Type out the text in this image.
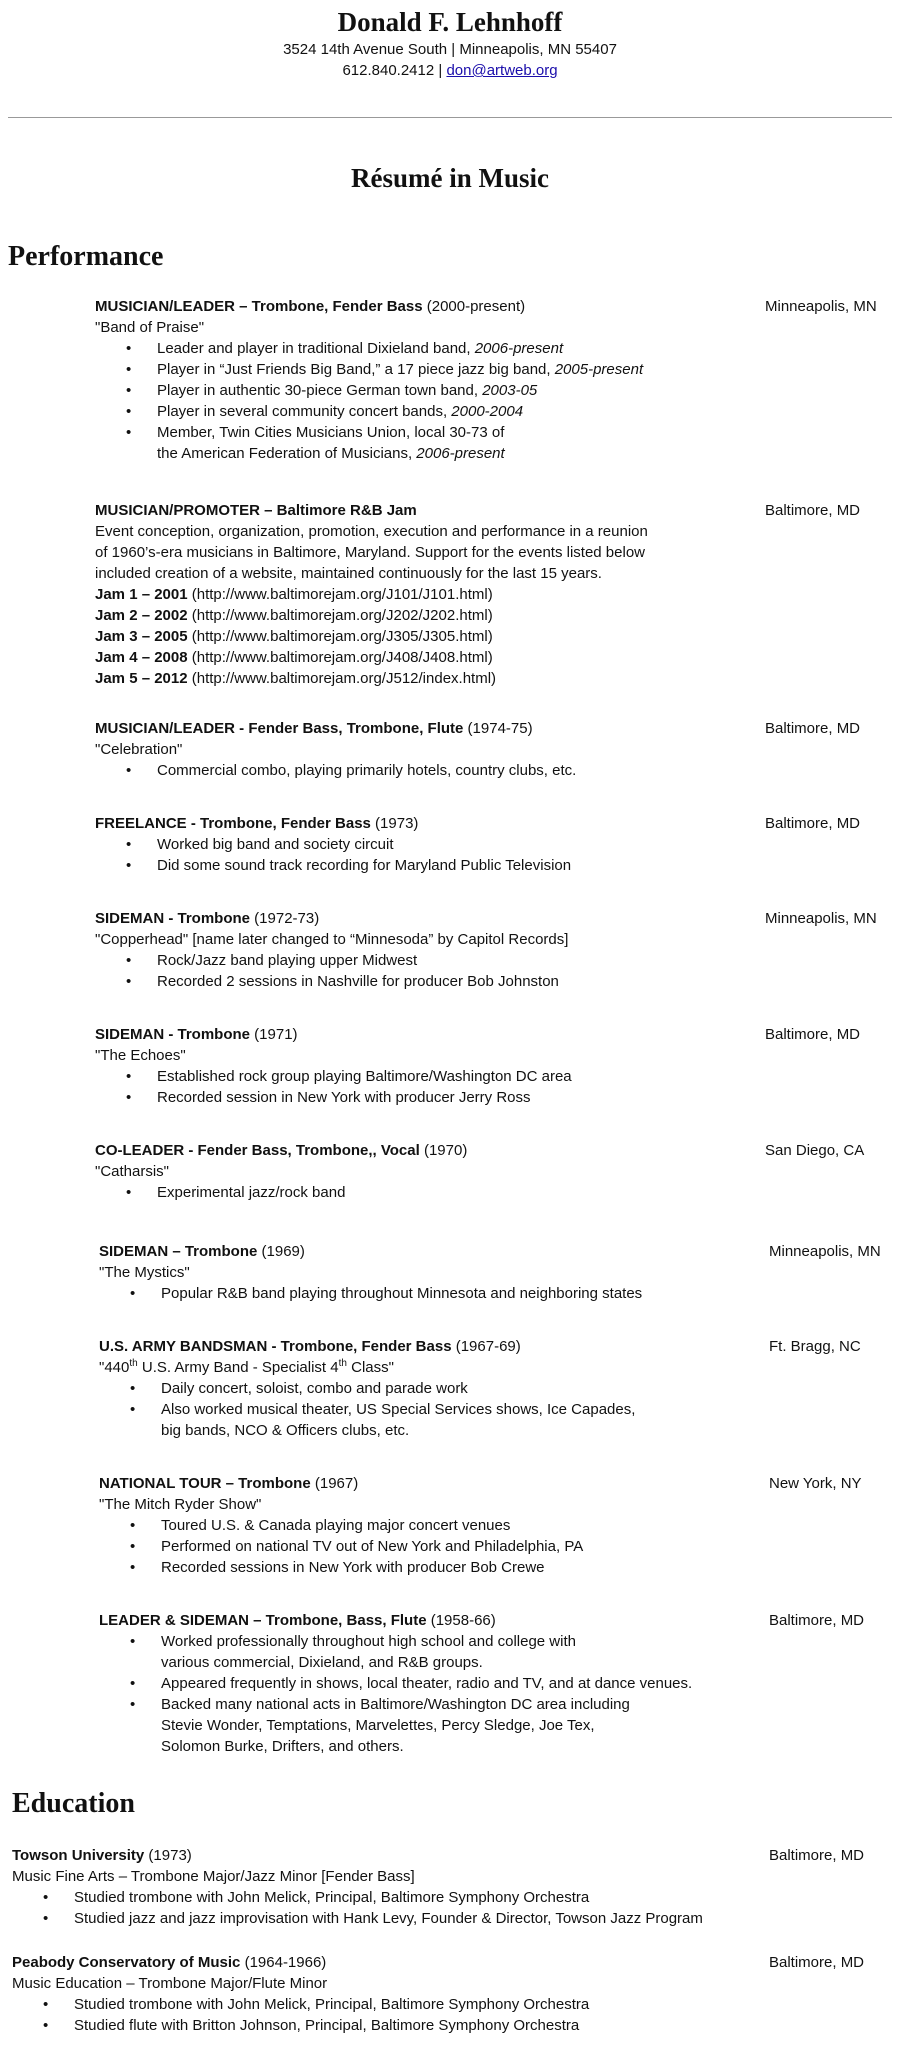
Donald F. Lehnhoff
3524 14th Avenue South | Minneapolis, MN 55407
612.840.2412 | don@artweb.org
Résumé in Music
Performance
MUSICIAN/LEADER – Trombone, Fender Bass (2000-present)	Minneapolis, MN
"Band of Praise"
• Leader and player in traditional Dixieland band, 2006-present
• Player in “Just Friends Big Band,” a 17 piece jazz big band, 2005-present
• Player in authentic 30-piece German town band, 2003-05
• Player in several community concert bands, 2000-2004
• Member, Twin Cities Musicians Union, local 30-73 of
the American Federation of Musicians, 2006-present
MUSICIAN/PROMOTER – Baltimore R&B Jam	Baltimore, MD
Event conception, organization, promotion, execution and performance in a reunion
of 1960’s-era musicians in Baltimore, Maryland. Support for the events listed below
included creation of a website, maintained continuously for the last 15 years.
Jam 1 – 2001 (http://www.baltimorejam.org/J101/J101.html)
Jam 2 – 2002 (http://www.baltimorejam.org/J202/J202.html)
Jam 3 – 2005 (http://www.baltimorejam.org/J305/J305.html)
Jam 4 – 2008 (http://www.baltimorejam.org/J408/J408.html)
Jam 5 – 2012 (http://www.baltimorejam.org/J512/index.html)
MUSICIAN/LEADER - Fender Bass, Trombone, Flute (1974-75)	Baltimore, MD
"Celebration"
• Commercial combo, playing primarily hotels, country clubs, etc.
FREELANCE - Trombone, Fender Bass (1973)	Baltimore, MD
• Worked big band and society circuit
• Did some sound track recording for Maryland Public Television
SIDEMAN - Trombone (1972-73)	Minneapolis, MN
"Copperhead" [name later changed to “Minnesoda” by Capitol Records]
• Rock/Jazz band playing upper Midwest
• Recorded 2 sessions in Nashville for producer Bob Johnston
SIDEMAN - Trombone (1971)	Baltimore, MD
"The Echoes"
• Established rock group playing Baltimore/Washington DC area
• Recorded session in New York with producer Jerry Ross
CO-LEADER - Fender Bass, Trombone,, Vocal (1970)	San Diego, CA
"Catharsis"
• Experimental jazz/rock band
SIDEMAN – Trombone (1969)	Minneapolis, MN
"The Mystics"
• Popular R&B band playing throughout Minnesota and neighboring states
U.S. ARMY BANDSMAN - Trombone, Fender Bass (1967-69)	Ft. Bragg, NC
"440th U.S. Army Band - Specialist 4th Class"
• Daily concert, soloist, combo and parade work
• Also worked musical theater, US Special Services shows, Ice Capades,
big bands, NCO & Officers clubs, etc.
NATIONAL TOUR – Trombone (1967)	New York, NY
"The Mitch Ryder Show"
• Toured U.S. & Canada playing major concert venues
• Performed on national TV out of New York and Philadelphia, PA
• Recorded sessions in New York with producer Bob Crewe
LEADER & SIDEMAN – Trombone, Bass, Flute (1958-66)	Baltimore, MD
• Worked professionally throughout high school and college with
various commercial, Dixieland, and R&B groups.
• Appeared frequently in shows, local theater, radio and TV, and at dance venues.
• Backed many national acts in Baltimore/Washington DC area including
Stevie Wonder, Temptations, Marvelettes, Percy Sledge, Joe Tex,
Solomon Burke, Drifters, and others.
Education
Towson University (1973)	Baltimore, MD
Music Fine Arts – Trombone Major/Jazz Minor [Fender Bass]
• Studied trombone with John Melick, Principal, Baltimore Symphony Orchestra
• Studied jazz and jazz improvisation with Hank Levy, Founder & Director, Towson Jazz Program
Peabody Conservatory of Music (1964-1966)	Baltimore, MD
Music Education – Trombone Major/Flute Minor
• Studied trombone with John Melick, Principal, Baltimore Symphony Orchestra
• Studied flute with Britton Johnson, Principal, Baltimore Symphony Orchestra
